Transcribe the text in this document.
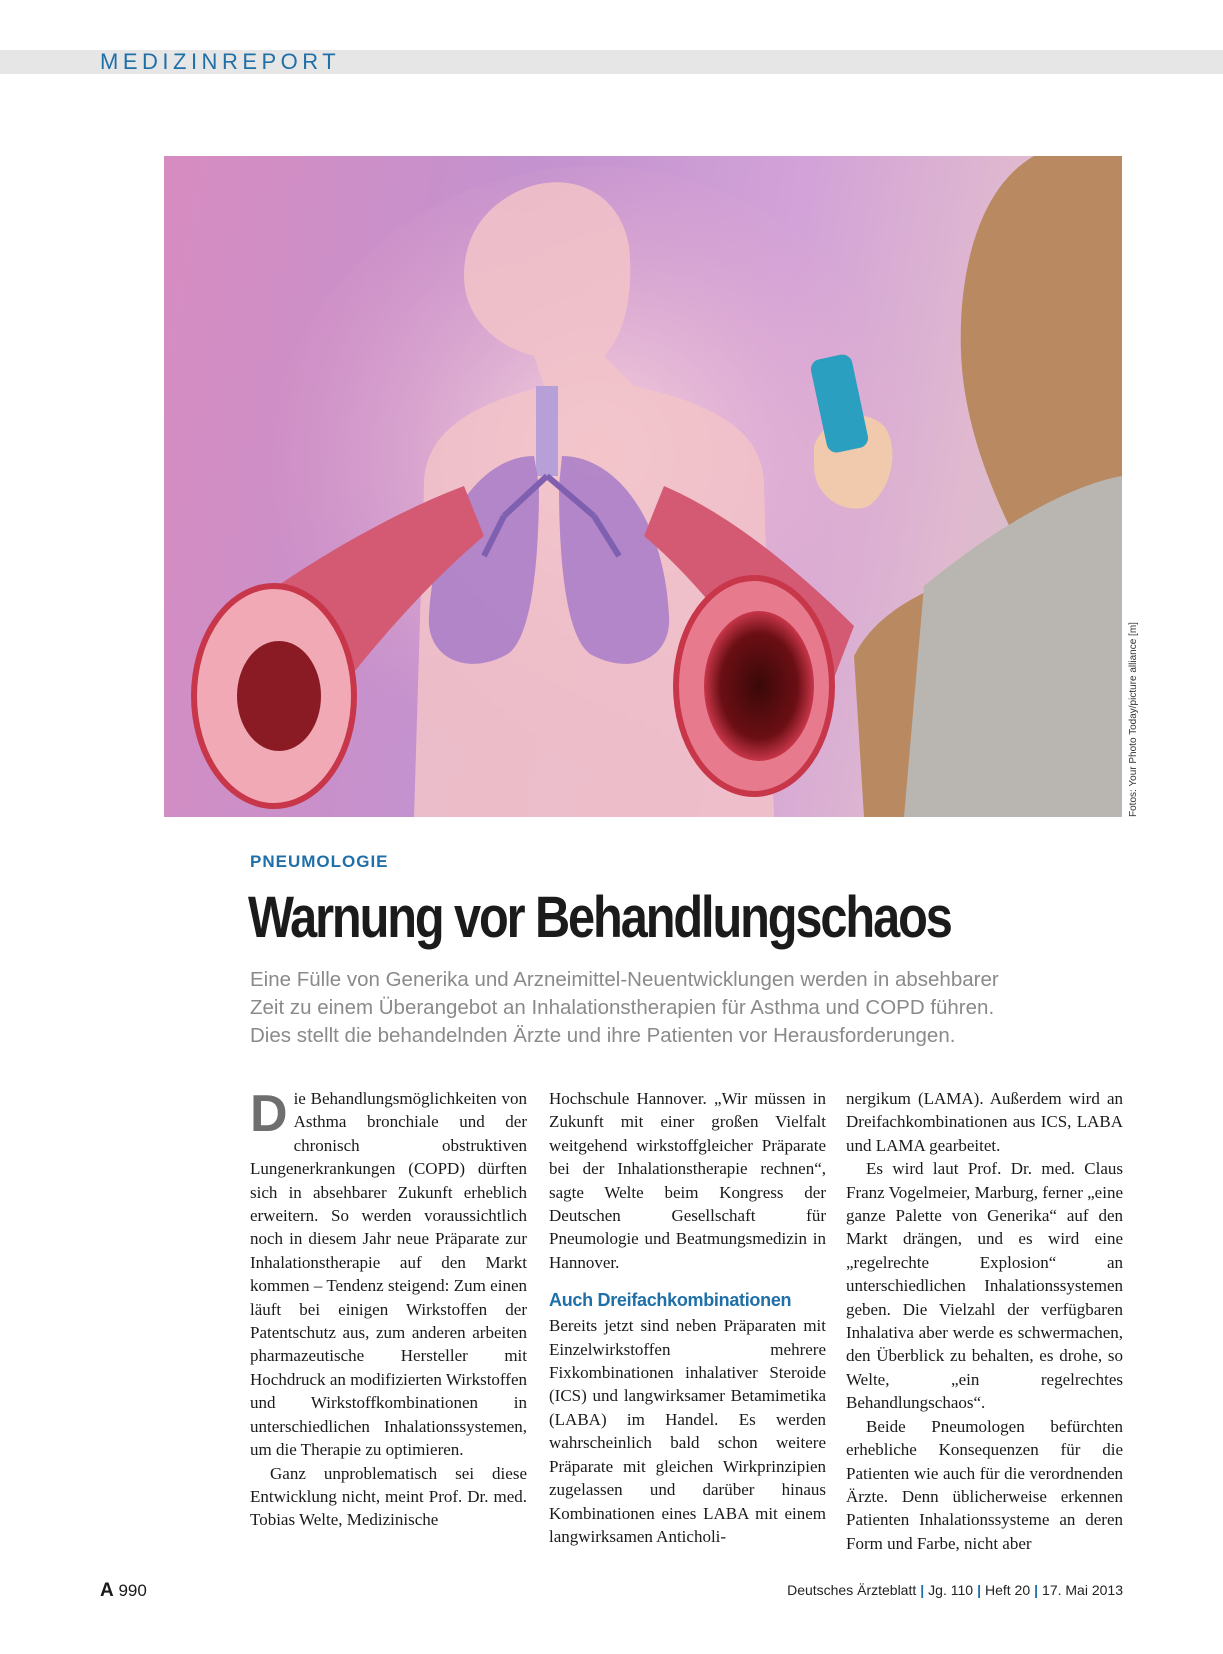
MEDIZINREPORT
Fotos: Your Photo Today/picture alliance [m]
PNEUMOLOGIE
Warnung vor Behandlungschaos
Eine Fülle von Generika und Arzneimittel-Neuentwicklungen werden in absehbarer
Zeit zu einem Überangebot an Inhalationstherapien für Asthma und COPD führen.
Dies stellt die behandelnden Ärzte und ihre Patienten vor Herausforderungen.

Die Behandlungsmöglichkeiten von Asthma bronchiale und der chronisch obstruktiven Lungenerkrankungen (COPD) dürften sich in absehbarer Zukunft erheblich erweitern. So werden voraussichtlich noch in diesem Jahr neue Präparate zur Inhalationstherapie auf den Markt kommen – Tendenz steigend: Zum einen läuft bei einigen Wirkstoffen der Patentschutz aus, zum anderen arbeiten pharmazeutische Hersteller mit Hochdruck an modifizierten Wirkstoffen und Wirkstoffkombinationen in unterschiedlichen Inhalationssystemen, um die Therapie zu optimieren.

Ganz unproblematisch sei diese Entwicklung nicht, meint Prof. Dr. med. Tobias Welte, Medizinische

Hochschule Hannover. „Wir müssen in Zukunft mit einer großen Vielfalt weitgehend wirkstoffgleicher Präparate bei der Inhalationstherapie rechnen“, sagte Welte beim Kongress der Deutschen Gesellschaft für Pneumologie und Beatmungsmedizin in Hannover.

Auch Dreifachkombinationen

Bereits jetzt sind neben Präparaten mit Einzelwirkstoffen mehrere Fixkombinationen inhalativer Steroide (ICS) und langwirksamer Betamimetika (LABA) im Handel. Es werden wahrscheinlich bald schon weitere Präparate mit gleichen Wirkprinzipien zugelassen und darüber hinaus Kombinationen eines LABA mit einem langwirksamen Anticholi-

nergikum (LAMA). Außerdem wird an Dreifachkombinationen aus ICS, LABA und LAMA gearbeitet.

Es wird laut Prof. Dr. med. Claus Franz Vogelmeier, Marburg, ferner „eine ganze Palette von Generika“ auf den Markt drängen, und es wird eine „regelrechte Explosion“ an unterschiedlichen Inhalationssystemen geben. Die Vielzahl der verfügbaren Inhalativa aber werde es schwermachen, den Überblick zu behalten, es drohe, so Welte, „ein regelrechtes Behandlungschaos“.

Beide Pneumologen befürchten erhebliche Konsequenzen für die Patienten wie auch für die verordnenden Ärzte. Denn üblicherweise erkennen Patienten Inhalationssysteme an deren Form und Farbe, nicht aber

A 990	Deutsches Ärzteblatt | Jg. 110 | Heft 20 | 17. Mai 2013
